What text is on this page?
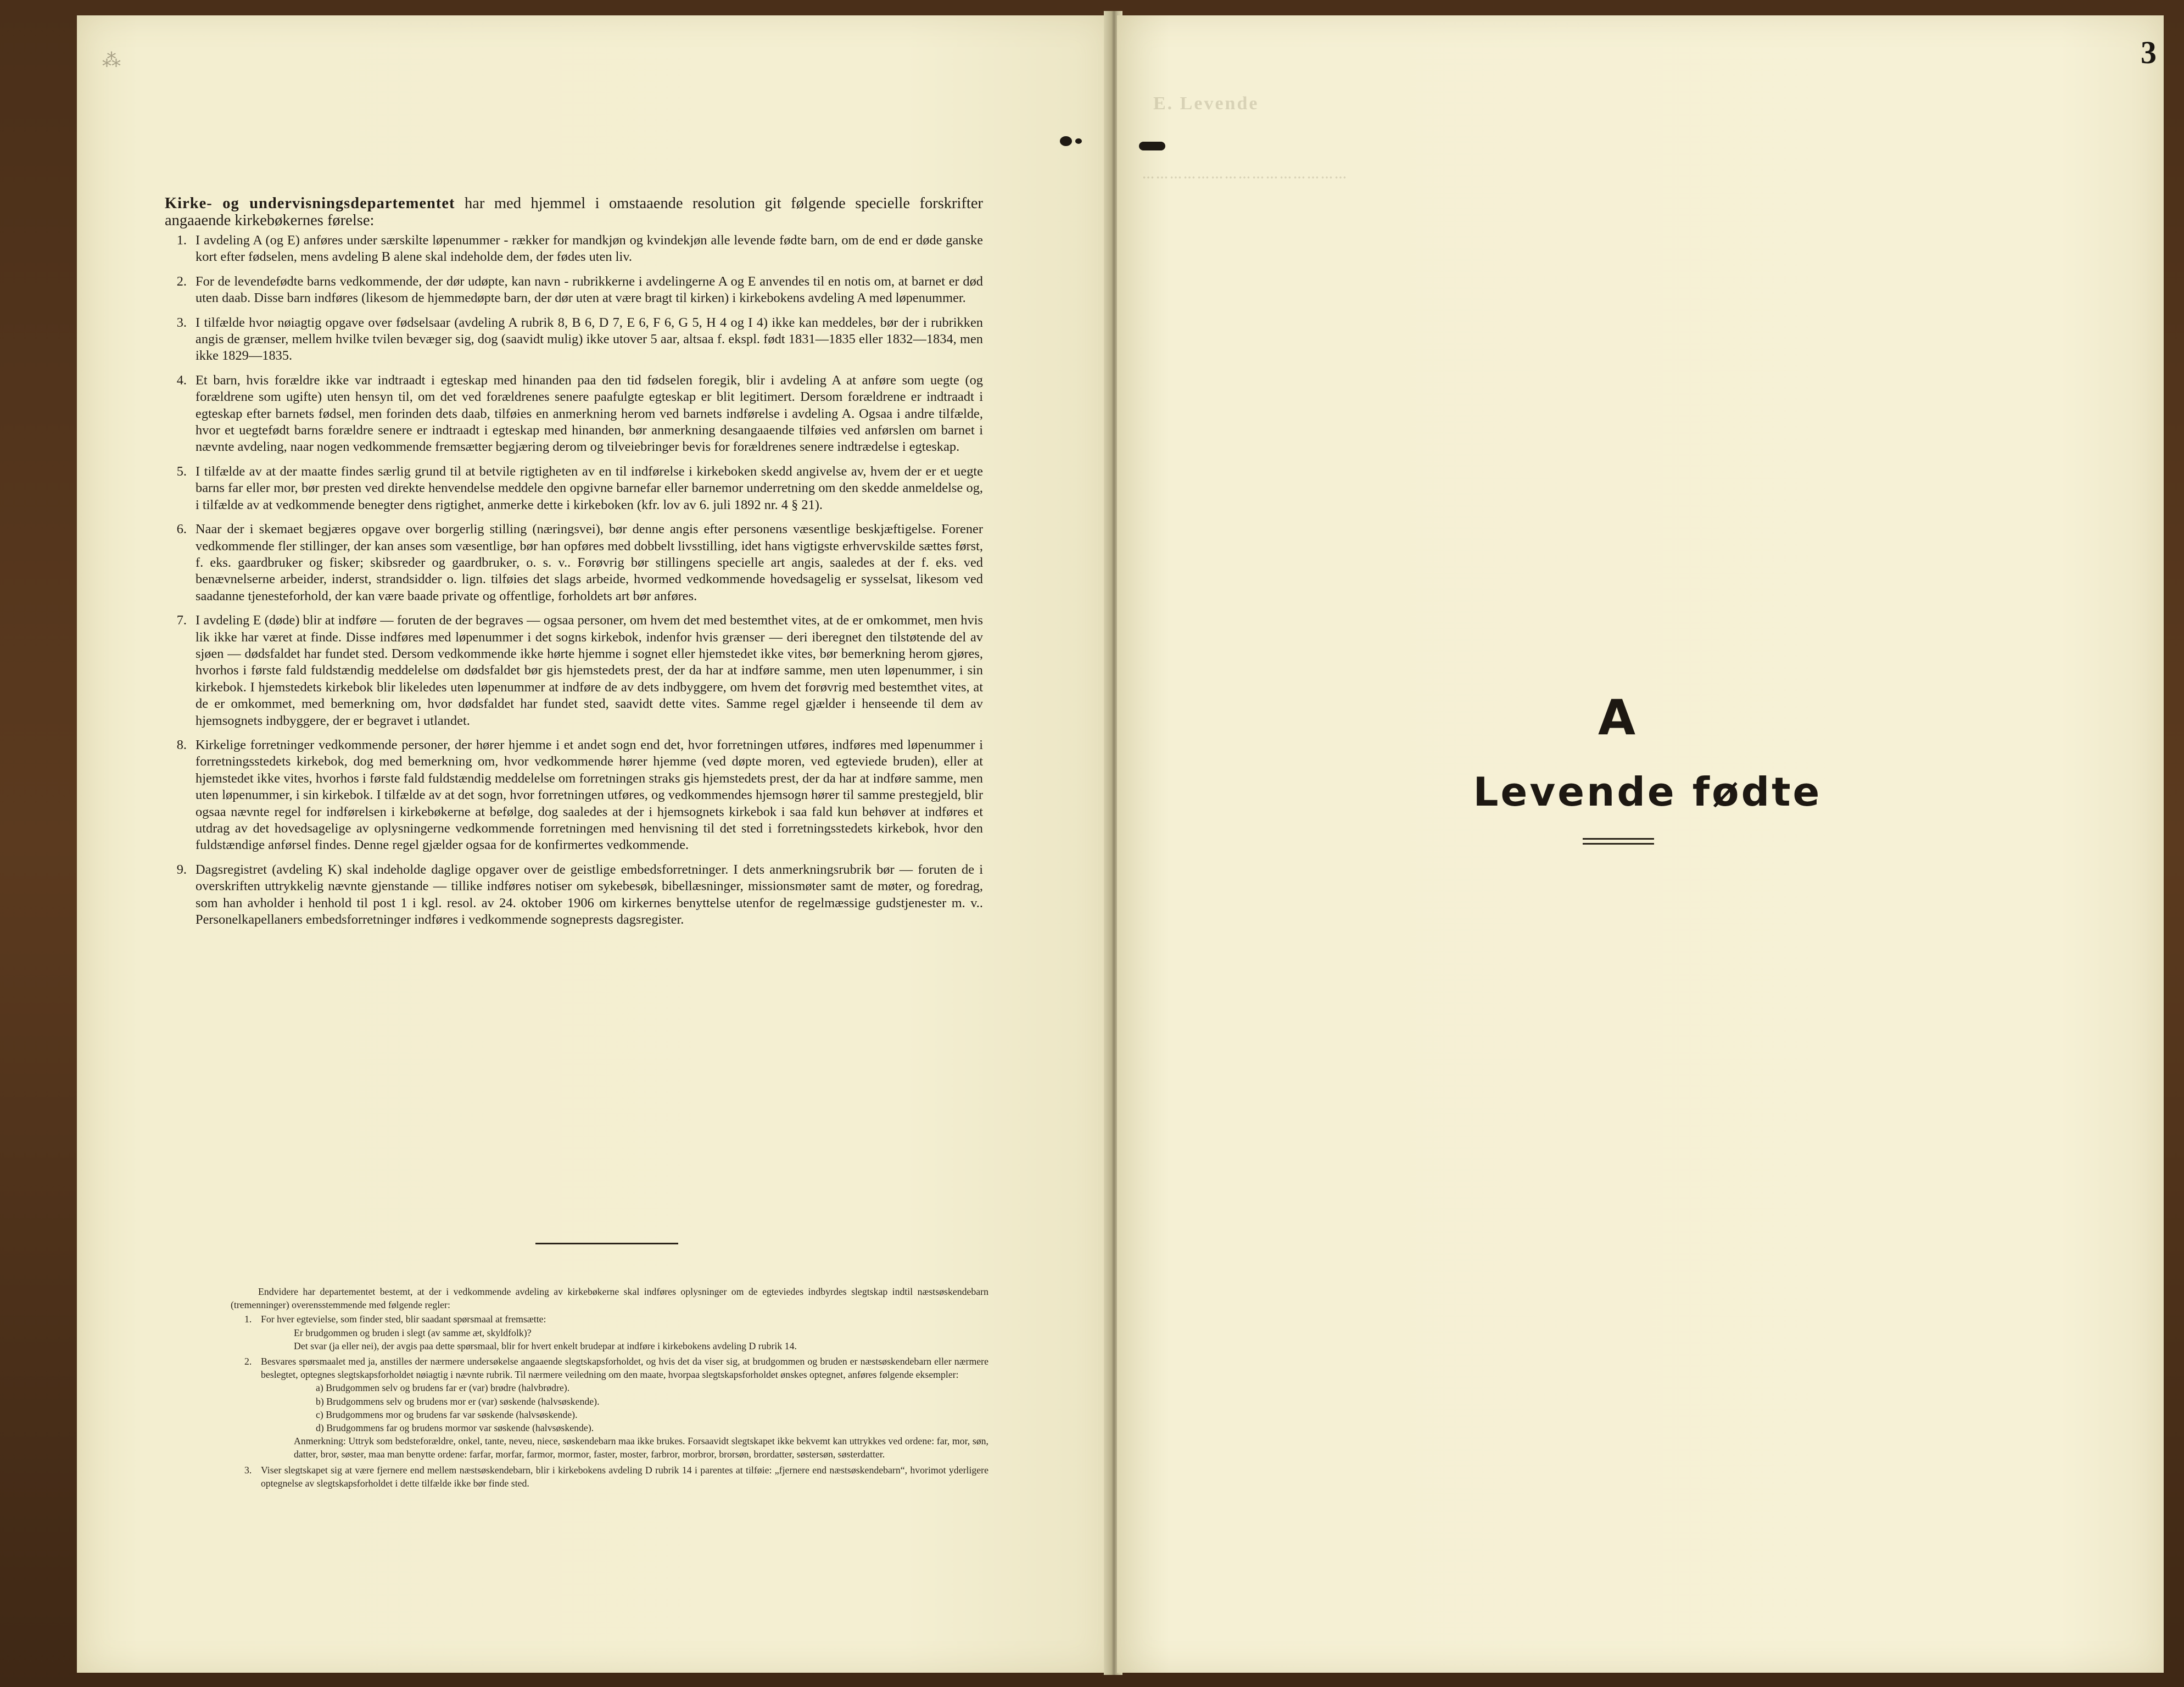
⁂
E. Levende
………………………………………
3

Kirke- og undervisningsdepartementet har med hjemmel i omstaaende resolution git følgende specielle forskrifter angaaende kirkebøkernes førelse:

1. I avdeling A (og E) anføres under særskilte løpenummer - rækker for mandkjøn og kvindekjøn alle levende fødte barn, om de end er døde ganske kort efter fødselen, mens avdeling B alene skal indeholde dem, der fødes uten liv.
2. For de levendefødte barns vedkommende, der dør udøpte, kan navn - rubrikkerne i avdelingerne A og E anvendes til en notis om, at barnet er død uten daab. Disse barn indføres (likesom de hjemmedøpte barn, der dør uten at være bragt til kirken) i kirkebokens avdeling A med løpenummer.
3. I tilfælde hvor nøiagtig opgave over fødselsaar (avdeling A rubrik 8, B 6, D 7, E 6, F 6, G 5, H 4 og I 4) ikke kan meddeles, bør der i rubrikken angis de grænser, mellem hvilke tvilen bevæger sig, dog (saavidt mulig) ikke utover 5 aar, altsaa f. ekspl. født 1831—1835 eller 1832—1834, men ikke 1829—1835.
4. Et barn, hvis forældre ikke var indtraadt i egteskap med hinanden paa den tid fødselen foregik, blir i avdeling A at anføre som uegte (og forældrene som ugifte) uten hensyn til, om det ved forældrenes senere paafulgte egteskap er blit legitimert. Dersom forældrene er indtraadt i egteskap efter barnets fødsel, men forinden dets daab, tilføies en anmerkning herom ved barnets indførelse i avdeling A. Ogsaa i andre tilfælde, hvor et uegtefødt barns forældre senere er indtraadt i egteskap med hinanden, bør anmerkning desangaaende tilføies ved anførslen om barnet i nævnte avdeling, naar nogen vedkommende fremsætter begjæring derom og tilveiebringer bevis for forældrenes senere indtrædelse i egteskap.
5. I tilfælde av at der maatte findes særlig grund til at betvile rigtigheten av en til indførelse i kirkeboken skedd angivelse av, hvem der er et uegte barns far eller mor, bør presten ved direkte henvendelse meddele den opgivne barnefar eller barnemor underretning om den skedde anmeldelse og, i tilfælde av at vedkommende benegter dens rigtighet, anmerke dette i kirkeboken (kfr. lov av 6. juli 1892 nr. 4 § 21).
6. Naar der i skemaet begjæres opgave over borgerlig stilling (næringsvei), bør denne angis efter personens væsentlige beskjæftigelse. Forener vedkommende fler stillinger, der kan anses som væsentlige, bør han opføres med dobbelt livsstilling, idet hans vigtigste erhvervskilde sættes først, f. eks. gaardbruker og fisker; skibsreder og gaardbruker, o. s. v.. Forøvrig bør stillingens specielle art angis, saaledes at der f. eks. ved benævnelserne arbeider, inderst, strandsidder o. lign. tilføies det slags arbeide, hvormed vedkommende hovedsagelig er sysselsat, likesom ved saadanne tjenesteforhold, der kan være baade private og offentlige, forholdets art bør anføres.
7. I avdeling E (døde) blir at indføre — foruten de der begraves — ogsaa personer, om hvem det med bestemthet vites, at de er omkommet, men hvis lik ikke har været at finde. Disse indføres med løpenummer i det sogns kirkebok, indenfor hvis grænser — deri iberegnet den tilstøtende del av sjøen — dødsfaldet har fundet sted. Dersom vedkommende ikke hørte hjemme i sognet eller hjemstedet ikke vites, bør bemerkning herom gjøres, hvorhos i første fald fuldstændig meddelelse om dødsfaldet bør gis hjemstedets prest, der da har at indføre samme, men uten løpenummer, i sin kirkebok. I hjemstedets kirkebok blir likeledes uten løpenummer at indføre de av dets indbyggere, om hvem det forøvrig med bestemthet vites, at de er omkommet, med bemerkning om, hvor dødsfaldet har fundet sted, saavidt dette vites. Samme regel gjælder i henseende til dem av hjemsognets indbyggere, der er begravet i utlandet.
8. Kirkelige forretninger vedkommende personer, der hører hjemme i et andet sogn end det, hvor forretningen utføres, indføres med løpenummer i forretningsstedets kirkebok, dog med bemerkning om, hvor vedkommende hører hjemme (ved døpte moren, ved egteviede bruden), eller at hjemstedet ikke vites, hvorhos i første fald fuldstændig meddelelse om forretningen straks gis hjemstedets prest, der da har at indføre samme, men uten løpenummer, i sin kirkebok. I tilfælde av at det sogn, hvor forretningen utføres, og vedkommendes hjemsogn hører til samme prestegjeld, blir ogsaa nævnte regel for indførelsen i kirkebøkerne at befølge, dog saaledes at der i hjemsognets kirkebok i saa fald kun behøver at indføres et utdrag av det hovedsagelige av oplysningerne vedkommende forretningen med henvisning til det sted i forretningsstedets kirkebok, hvor den fuldstændige anførsel findes. Denne regel gjælder ogsaa for de konfirmertes vedkommende.
9. Dagsregistret (avdeling K) skal indeholde daglige opgaver over de geistlige embedsforretninger. I dets anmerkningsrubrik bør — foruten de i overskriften uttrykkelig nævnte gjenstande — tillike indføres notiser om sykebesøk, bibellæsninger, missionsmøter samt de møter, og foredrag, som han avholder i henhold til post 1 i kgl. resol. av 24. oktober 1906 om kirkernes benyttelse utenfor de regelmæssige gudstjenester m. v.. Personelkapellaners embedsforretninger indføres i vedkommende sogneprests dagsregister.

Endvidere har departementet bestemt, at der i vedkommende avdeling av kirkebøkerne skal indføres oplysninger om de egteviedes indbyrdes slegtskap indtil næstsøskendebarn (tremenninger) overensstemmende med følgende regler:

1. For hver egtevielse, som finder sted, blir saadant spørsmaal at fremsætte:

Er brudgommen og bruden i slegt (av samme æt, skyldfolk)?

Det svar (ja eller nei), der avgis paa dette spørsmaal, blir for hvert enkelt brudepar at indføre i kirkebokens avdeling D rubrik 14.

2. Besvares spørsmaalet med ja, anstilles der nærmere undersøkelse angaaende slegtskapsforholdet, og hvis det da viser sig, at brudgommen og bruden er næstsøskendebarn eller nærmere beslegtet, optegnes slegtskapsforholdet nøiagtig i nævnte rubrik. Til nærmere veiledning om den maate, hvorpaa slegtskapsforholdet ønskes optegnet, anføres følgende eksempler:

a) Brudgommen selv og brudens far er (var) brødre (halvbrødre).

b) Brudgommens selv og brudens mor er (var) søskende (halvsøskende).

c) Brudgommens mor og brudens far var søskende (halvsøskende).

d) Brudgommens far og brudens mormor var søskende (halvsøskende).

Anmerkning: Uttryk som bedsteforældre, onkel, tante, neveu, niece, søskendebarn maa ikke brukes. Forsaavidt slegtskapet ikke bekvemt kan uttrykkes ved ordene: far, mor, søn, datter, bror, søster, maa man benytte ordene: farfar, morfar, farmor, mormor, faster, moster, farbror, morbror, brorsøn, brordatter, søstersøn, søsterdatter.

3. Viser slegtskapet sig at være fjernere end mellem næstsøskendebarn, blir i kirkebokens avdeling D rubrik 14 i parentes at tilføie: „fjernere end næstsøskendebarn“, hvorimot yderligere optegnelse av slegtskapsforholdet i dette tilfælde ikke bør finde sted.

A
Levende fødte
